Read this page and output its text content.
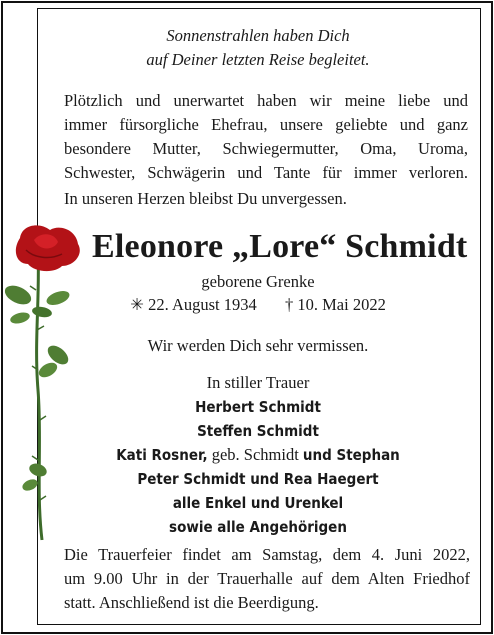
Sonnenstrahlen haben Dich
auf Deiner letzten Reise begleitet.
Plötzlich und unerwartet haben wir meine liebe und
immer fürsorgliche Ehefrau, unsere geliebte und ganz
besondere Mutter, Schwiegermutter, Oma, Uroma,
Schwester, Schwägerin und Tante für immer verloren.
In unseren Herzen bleibst Du unvergessen.
Eleonore „Lore“ Schmidt
geborene Grenke
✳ 22. August 1934 † 10. Mai 2022
Wir werden Dich sehr vermissen.
In stiller Trauer
Herbert Schmidt
Steffen Schmidt
Kati Rosner, geb. Schmidt und Stephan
Peter Schmidt und Rea Haegert
alle Enkel und Urenkel
sowie alle Angehörigen
Die Trauerfeier findet am Samstag, dem 4. Juni 2022,
um 9.00 Uhr in der Trauerhalle auf dem Alten Friedhof
statt. Anschließend ist die Beerdigung.
